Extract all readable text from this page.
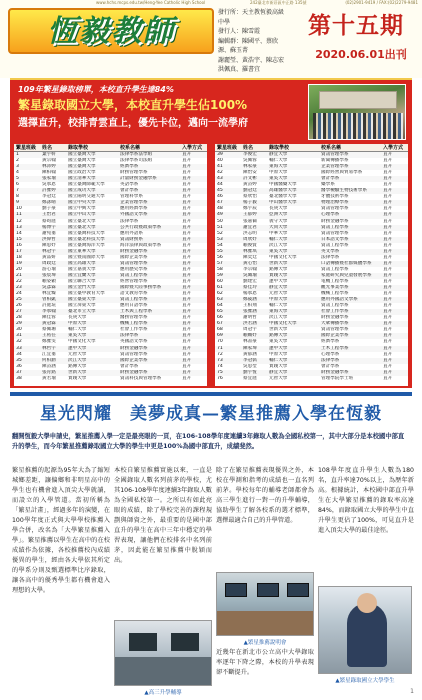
www.hchs.mcps.edu.tw/Heng-Yee Catholic High School	242臺北市新莊區中正路 135號	(02)2901-9419 / FAX:(02)2279-9481
恆毅教師
發行所：天主教恆毅高級中學
發行人：陳雪霞
編輯群：陳國平、蔡欣源、蘇玉菁
謝麗瑩、黃浩宇、陳志宏
洪佩真、羅書宜
第十五期
2020.06.01出刊
109年繁星錄取榜單，本校直升學生達84%
繁星錄取國立大學，本校直升學生佔100%
選擇直升，校排青雲直上，優先卡位，邁向一流學府
繁星班級	姓名	錄取學校	校系名稱	入學方式
1	葉宇軒	國立臺灣大學	法律學系法學組	直升
2	黃宗翰	國立臺灣大學	法律學系司法組	直升
3	林沛婷	國立臺灣大學	經濟學系	直升
4	陳柏翰	國立政治大學	財務管理學系	直升
5	張家瑜	國立清華大學	計量財務金融學系	直升
6	吳承恩	國立臺灣師範大學	英語學系	直升
7	許雅婷	國立成功大學	會計學系	直升
8	李冠廷	國立陽明交通大學	管理科學系	直升
9	鄭詠晴	國立中央大學	企業管理學系	直升
10	劉子豪	國立中興大學	應用經濟學系	直升
11	王怡君	國立中山大學	外國語文學系	直升
12	蔡昀庭	國立臺北大學	法律學系	直升
13	楊博宇	國立臺北大學	公共行政暨政策學系	直升
14	謝宛蓁	國立臺灣科技大學	應用外語系	直升
15	洪偉哲	國立臺北科技大學	資訊財務系	直升
16	陳思妤	國立臺灣海洋大學	海洋法律與政策學系	直升
17	林冠宇	國立東華大學	財務金融學系	直升
18	黃品妍	國立暨南國際大學	國際企業學系	直升
19	周政廷	國立高雄大學	資訊管理學系	直升
20	游心瑜	國立嘉義大學	應用歷史學系	直升
21	張宸瑋	國立宜蘭大學	資訊工程學系	直升
22	賴姿穎	國立聯合大學	經營管理學系	直升
23	吳彥霖	國立金門大學	國際暨大陸事務學系	直升
24	林宜臻	國立臺中教育大學	語文教育學系	直升
25	曾柏凱	國立臺東大學	資訊工程學系	直升
26	許庭瑄	國立屏東大學	應用日語學系	直升
27	李承翰	臺北市立大學	土木與工程學系	直升
28	陳佳蓉	長庚大學	醫務管理學系	直升
29	黃冠霖	中原大學	機械工程學系	直升
30	蔡佩珊	輔仁大學	社會工作學系	直升
31	王祐任	東吳大學	法律學系	直升
32	鄭雅雯	中國文化大學	英國語文學系	直升
33	林哲宇	逢甲大學	財務金融學系	直升
34	江宜蓁	元智大學	資訊管理學系	直升
35	何柏勳	淡江大學	國際企業學系	直升
36	陳詩涵	銘傳大學	會計學系	直升
37	張育銘	世新大學	財務金融學系	直升
38	黃若瑜	實踐大學	資訊科技與管理學系	直升
繁星班級	姓名	錄取學校	校系名稱	入學方式
39	李俊宏	靜宜大學	資訊管理學系	直升
40	吳佩蓉	輔仁大學	新聞傳播學系	直升
41	林家豪	東海大學	企業管理學系	直升
42	陳怡安	中原大學	國際經營與貿易學系	直升
43	許文彬	東吳大學	會計學系	直升
44	黃詩婷	中國醫藥大學	藥學系	直升
45	劉冠廷	高雄醫學大學	醫學檢驗生物技術學系	直升
46	蔡欣怡	臺北醫學大學	牙體技術學系	直升
47	楊子毅	中山醫學大學	物理治療學系	直升
48	鄭宇辰	長庚大學	資訊管理學系	直升
49	王郁婷	亞洲大學	心理學系	直升
50	張嘉倫	義守大學	財務金融學系	直升
51	謝宜君	大同大學	資訊工程學系	直升
52	洪志明	中華大學	資訊管理學系	直升
53	周欣妤	輔仁大學	日本語文學系	直升
54	賴俊賢	淡江大學	資訊工程學系	直升
55	林雅琪	東吳大學	英文學系	直升
56	陳奕廷	中國文化大學	法律學系	直升
57	黃心怡	世新大學	口語傳播暨社群媒體學系	直升
58	李宗翰	銘傳大學	資訊工程學系	直升
59	吳珮瑜	實踐大學	家庭研究與兒童發展學系	直升
60	劉建宏	逢甲大學	電機工程學系	直升
61	蔡佳玲	靜宜大學	觀光事業學系	直升
62	楊承恩	元智大學	機械工程學系	直升
63	鄭筱涵	中原大學	應用外國語文學系	直升
64	王柏翔	輔仁大學	資訊工程學系	直升
65	張雅涵	東海大學	社會工作學系	直升
66	謝明哲	淡江大學	財務金融學系	直升
67	洪若涵	中國文化大學	大眾傳播學系	直升
68	周冠宇	世新大學	資訊管理學系	直升
69	賴姵妤	銘傳大學	國際企業學系	直升
70	林書豪	東吳大學	經濟學系	直升
71	陳家瑋	逢甲大學	土木工程學系	直升
72	黃郁涵	中原大學	心理學系	直升
73	李冠儒	輔仁大學	法律學系	直升
74	吳思瑩	實踐大學	會計學系	直升
75	劉宇恆	靜宜大學	財務金融學系	直升
76	蔡宜庭	元智大學	管理學院學士班	直升
星光閃耀　美夢成真—繁星推薦入學在恆毅
翻開恆毅大學申請史，繁星推薦入學一定是最亮眼的一頁，在106-108學年度連續3年錄取人數為全國私校第一，其中大部分是本校國中部直升的學生，而今年繁星推薦錄取國立大學的學生中更是100%為國中部直升，成績斐然。
繁星推薦的起源為95年大為了縮短城鄉差距，讓偏鄉和非明星高中的學生也有機會進入頂尖大學就讀，而設立的入學管道。當初所稱為「繁星計畫」，經過多年的演變，在100學年度正式與大學學校推薦入學合併，改名為「大學繁星推薦入學」。繁星推薦以學生在高中的在校成績作為依據，各校推薦校內成績優異的學生，經由各大學依其所定的學系分則及甄選標準比序錄取，讓各高中的優秀學生都有機會進入理想的大學。
本校自繁星推薦實施以來，一直是全國錄取人數名列前茅的學校，尤其106-108學年度連續3年錄取人數為全國私校第一。之所以有如此亮眼的成績，除了學校完善的課程規劃與師資之外，最重要的是國中部直升的學生在高中三年中穩定的學習表現，讓他們在校排名中名列前茅，因此能在繁星推薦中脫穎而出。
除了在繁星推薦表現優異之外，本校在學測和指考的成績也一直名列前茅。學校每年的輔導老師都會為高三學生進行一對一的升學輔導，協助學生了解各校系的選才標準，選擇最適合自己的升學管道。
近幾年在新北市公立高中大學錄取率逐年下降之際，本校的升學表現卻不斷提升。
108學年度直升學生人數為180名，直升率達70%以上，為歷年新高。根據統計，本校國中部直升學生在大學繁星推薦的錄取率高達84%，而錄取國立大學的學生中直升學生更佔了100%，可見直升是進入頂尖大學的最佳途徑。
▲繁星推薦說明會
▲高三升學輔導
▲繁星錄取國立大學學生
1
